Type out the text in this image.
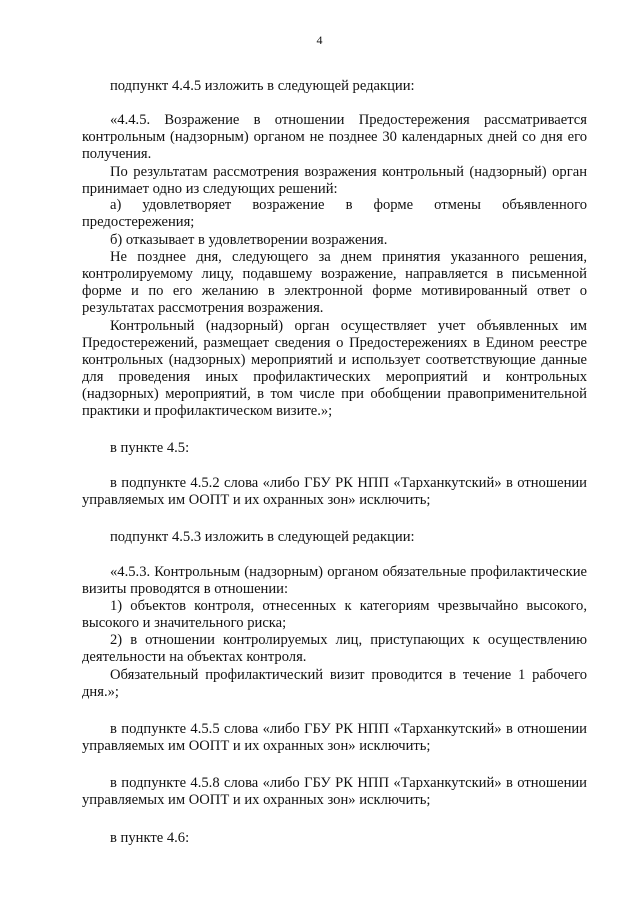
4

подпункт 4.4.5 изложить в следующей редакции:

«4.4.5. Возражение в отношении Предостережения рассматривается контрольным (надзорным) органом не позднее 30 календарных дней со дня его получения.

По результатам рассмотрения возражения контрольный (надзорный) орган принимает одно из следующих решений:

а) удовлетворяет возражение в форме отмены объявленного предостережения;

б) отказывает в удовлетворении возражения.

Не позднее дня, следующего за днем принятия указанного решения, контролируемому лицу, подавшему возражение, направляется в письменной форме и по его желанию в электронной форме мотивированный ответ о результатах рассмотрения возражения.

Контрольный (надзорный) орган осуществляет учет объявленных им Предостережений, размещает сведения о Предостережениях в Едином реестре контрольных (надзорных) мероприятий и использует соответствующие данные для проведения иных профилактических мероприятий и контрольных (надзорных) мероприятий, в том числе при обобщении правоприменительной практики и профилактическом визите.»;

в пункте 4.5:

в подпункте 4.5.2 слова «либо ГБУ РК НПП «Тарханкутский» в отношении управляемых им ООПТ и их охранных зон» исключить;

подпункт 4.5.3 изложить в следующей редакции:

«4.5.3. Контрольным (надзорным) органом обязательные профилактические визиты проводятся в отношении:

1) объектов контроля, отнесенных к категориям чрезвычайно высокого, высокого и значительного риска;

2) в отношении контролируемых лиц, приступающих к осуществлению деятельности на объектах контроля.

Обязательный профилактический визит проводится в течение 1 рабочего дня.»;

в подпункте 4.5.5 слова «либо ГБУ РК НПП «Тарханкутский» в отношении управляемых им ООПТ и их охранных зон» исключить;

в подпункте 4.5.8 слова «либо ГБУ РК НПП «Тарханкутский» в отношении управляемых им ООПТ и их охранных зон» исключить;

в пункте 4.6:
